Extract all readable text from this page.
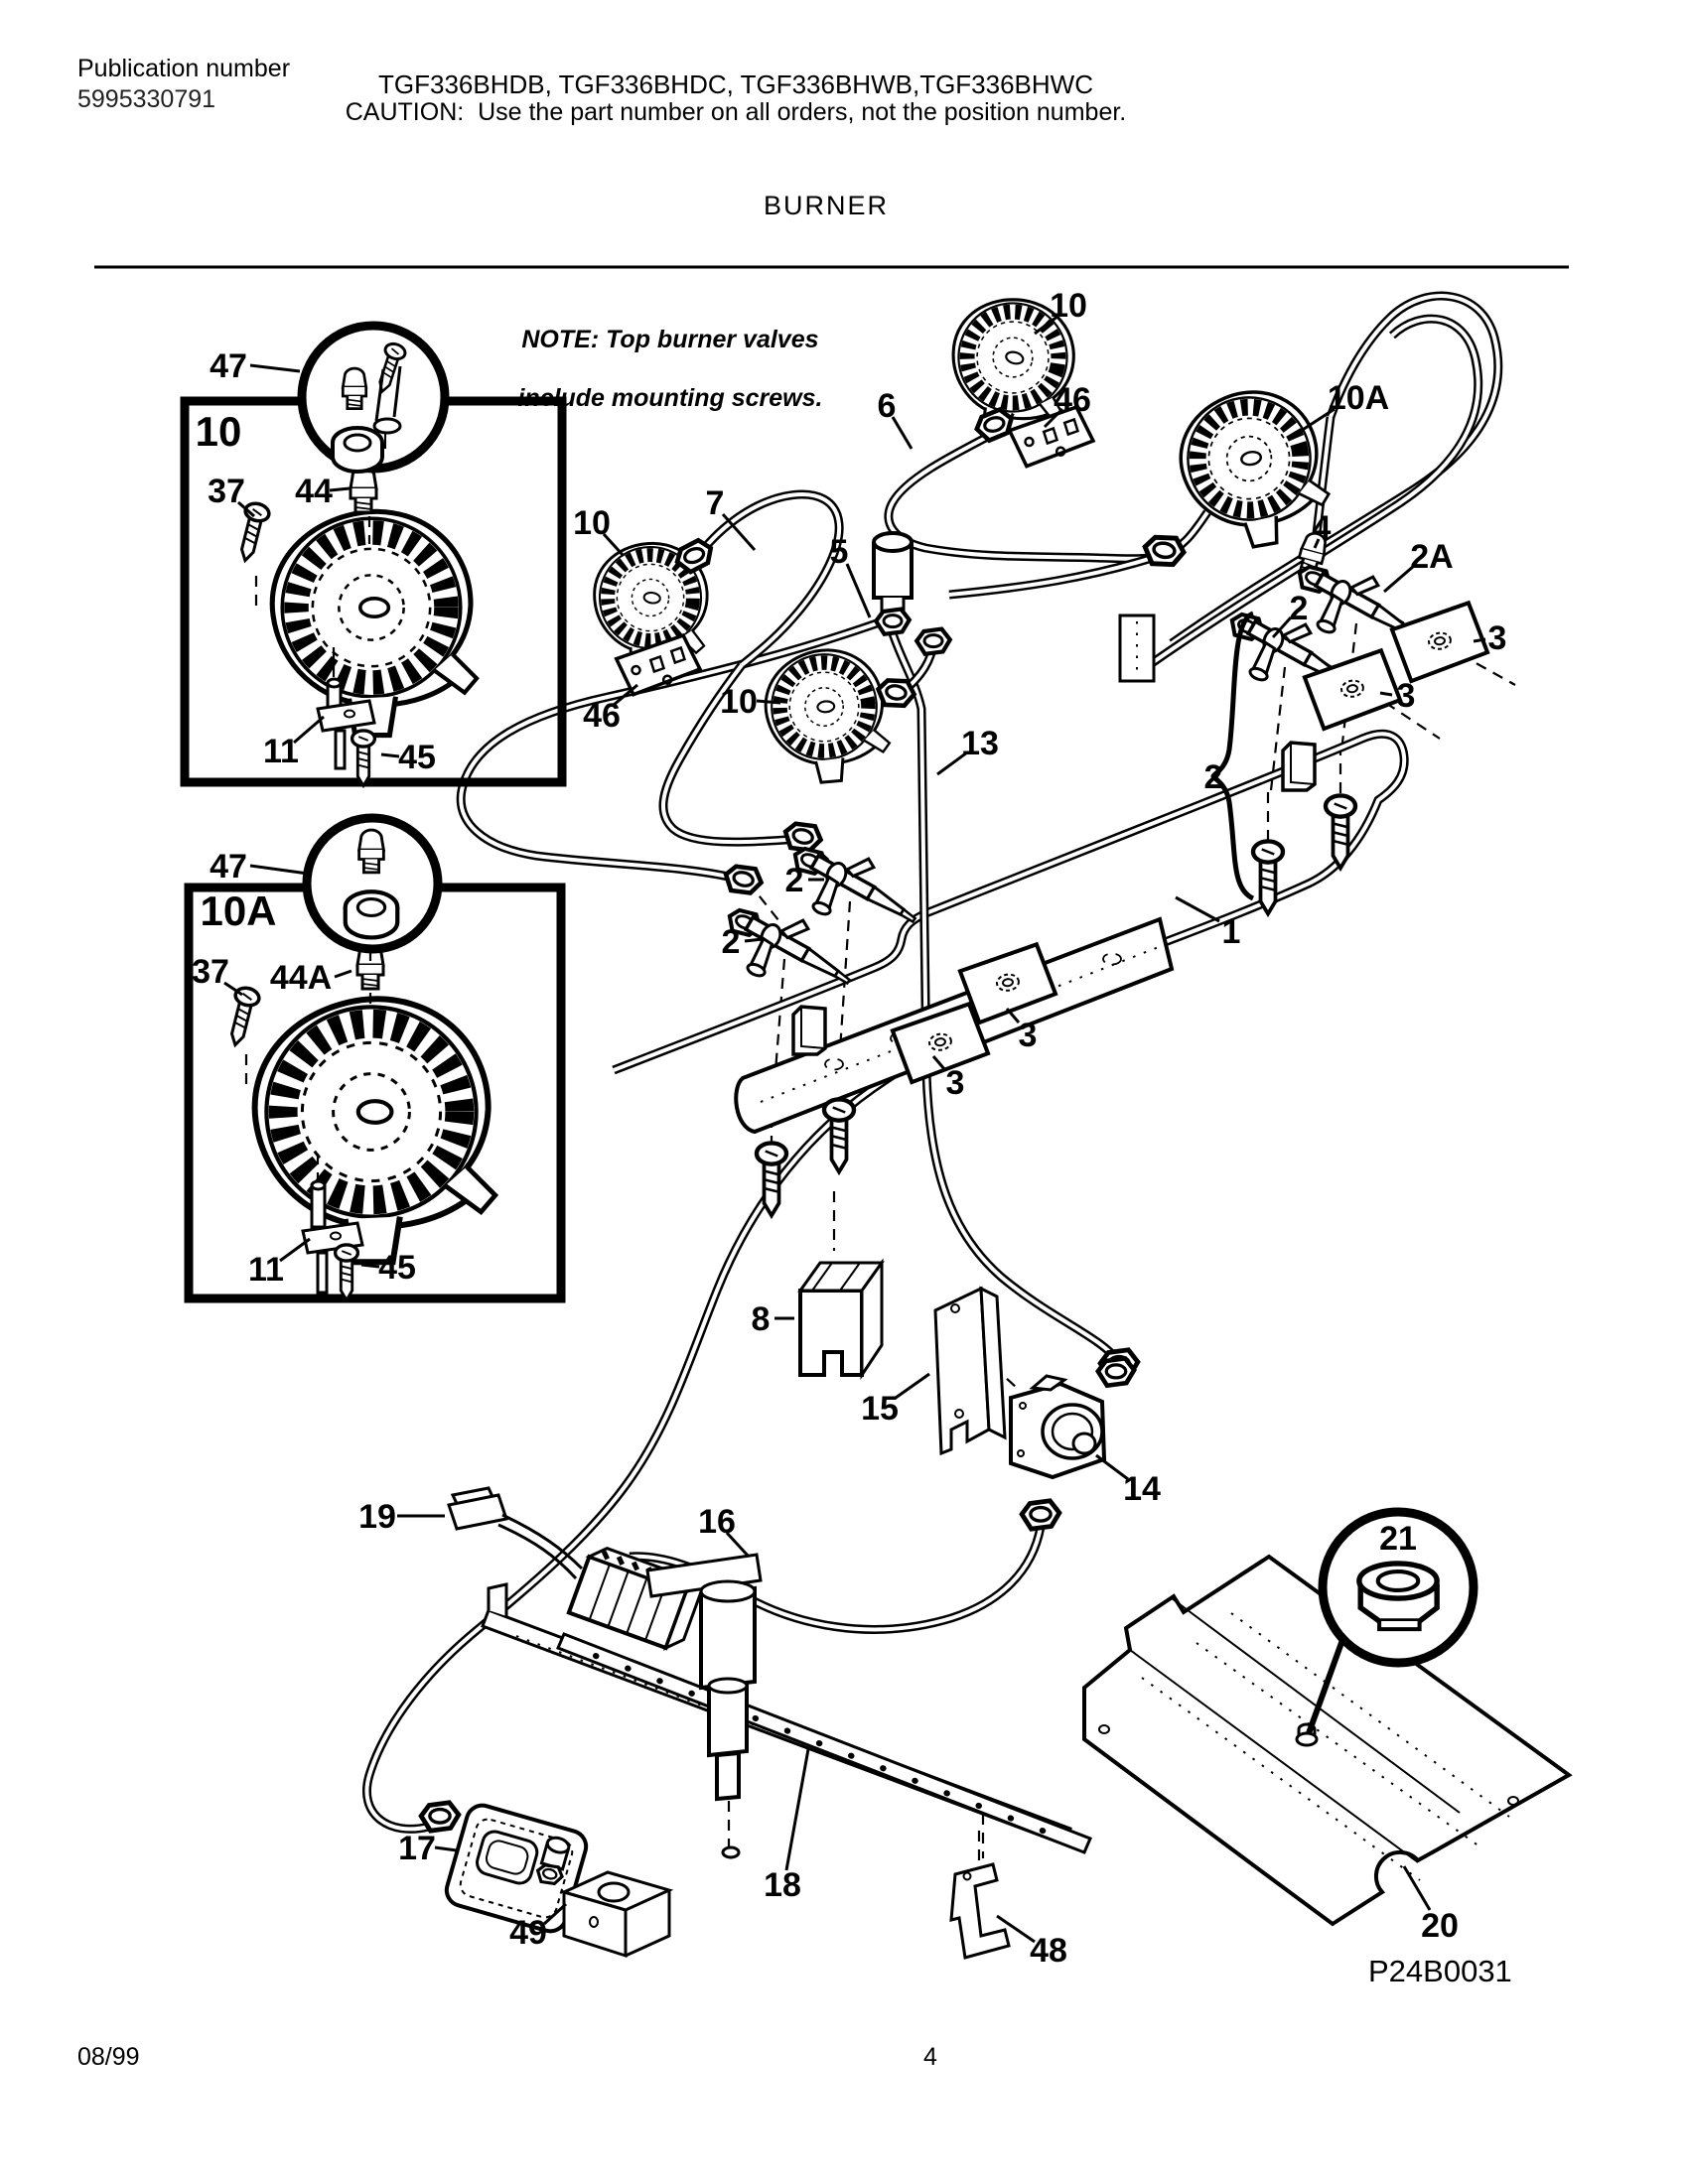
Publication number
5995330791	TGF336BHDB, TGF336BHDC, TGF336BHWB,TGF336BHWC
CAUTION:  Use the part number on all orders, not the position number.
BURNER

NOTE: Top burner valves

include mounting screws.

P24B0031
08/99	4
47
10
37 44
11	45
47
10A
37 44A
11	45
10
46
6	10A
7
10
5
4
2A
3
2
3
2
13
46	10
2
2	1
3
3
8
15
14
16
19
21
17
18
49	48
20
